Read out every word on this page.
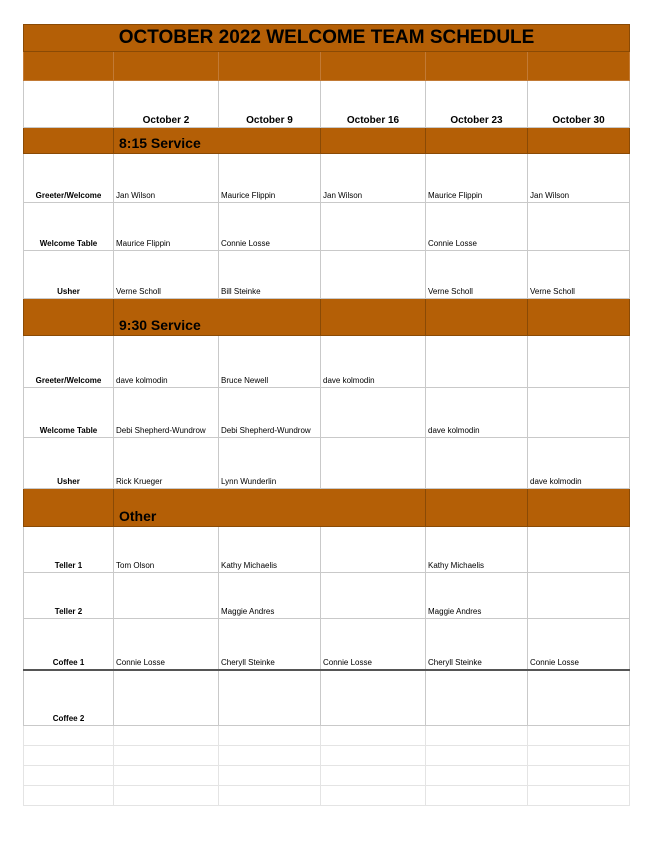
OCTOBER 2022 WELCOME TEAM SCHEDULE					

	October 2	October 9	October 16	October 23	October 30
	8:15 Service				
Greeter/Welcome	Jan Wilson	Maurice Flippin	Jan Wilson	Maurice Flippin	Jan Wilson
Welcome Table	Maurice Flippin	Connie Losse		Connie Losse	
Usher	Verne Scholl	Bill Steinke		Verne Scholl	Verne Scholl
	9:30 Service				
Greeter/Welcome	dave kolmodin	Bruce Newell	dave kolmodin		
Welcome Table	Debi Shepherd-Wundrow	Debi Shepherd-Wundrow		dave kolmodin	
Usher	Rick Krueger	Lynn Wunderlin			dave kolmodin
	Other				
Teller 1	Tom Olson	Kathy Michaelis		Kathy Michaelis	
Teller 2		Maggie Andres		Maggie Andres	
Coffee 1	Connie Losse	Cheryll Steinke	Connie Losse	Cheryll Steinke	Connie Losse
Coffee 2					
